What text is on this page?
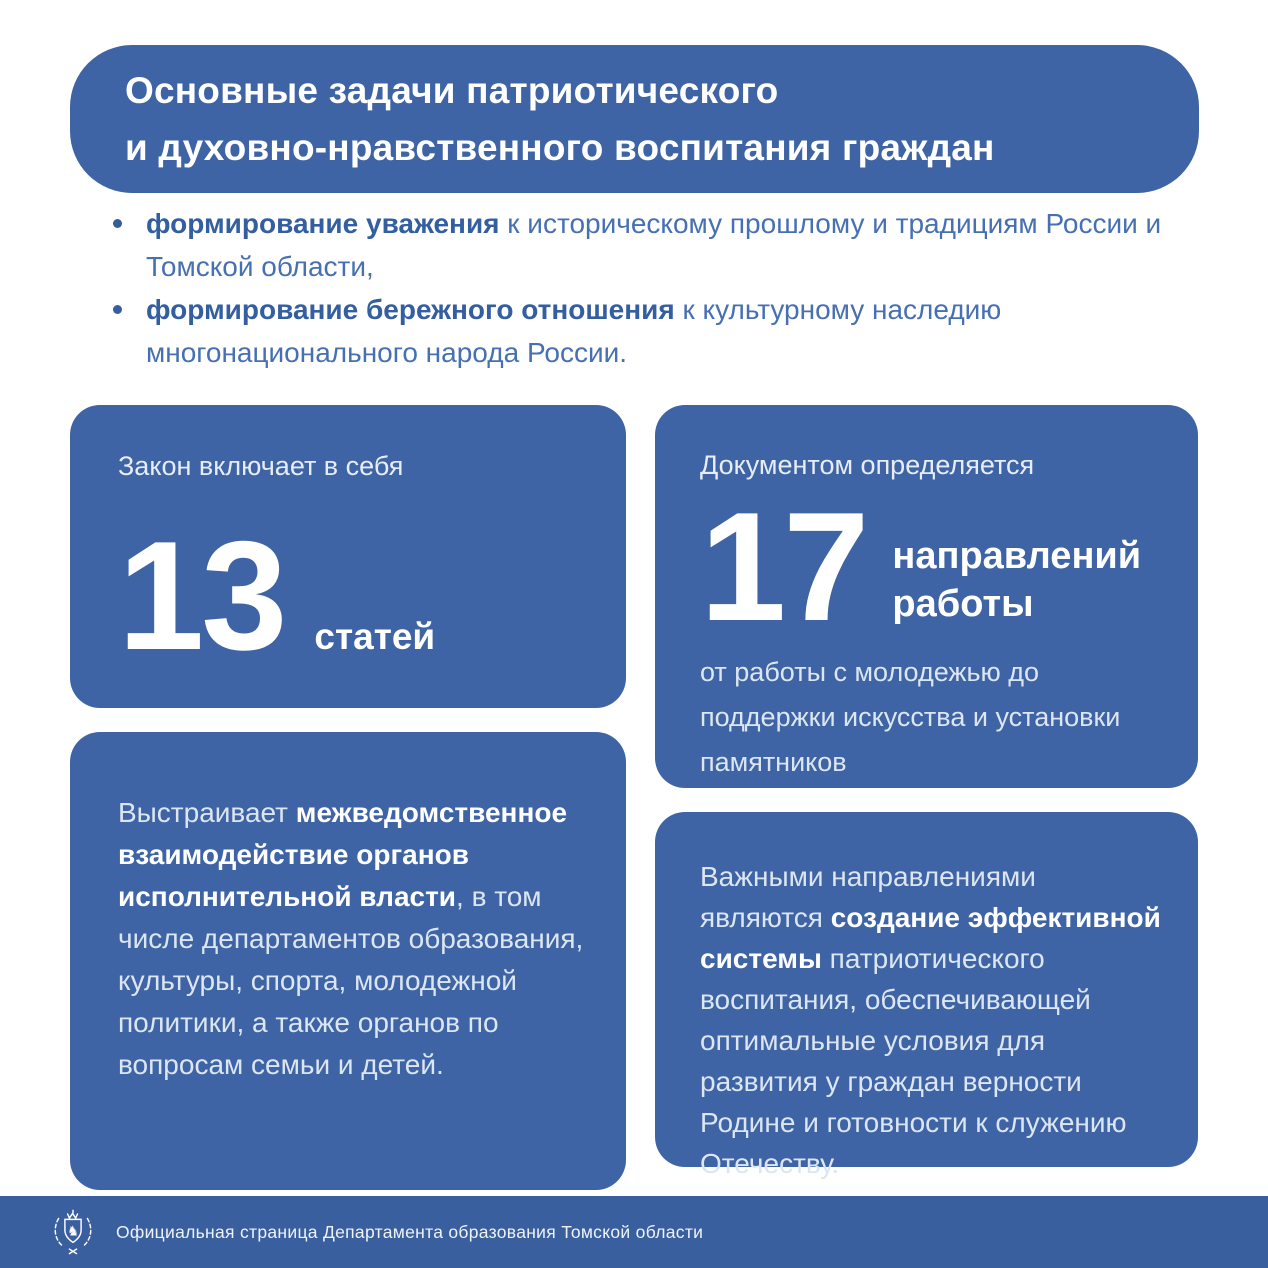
Основные задачи патриотического
и духовно-нравственного воспитания граждан
формирование уважения к историческому прошлому и традициям России и Томской области,
формирование бережного отношения к культурному наследию многонационального народа России.
Закон включает в себя
13 статей
Документом определяется
17 направлений
работы

от работы с молодежью до поддержки искусства и установки памятников

Выстраивает межведомственное взаимодействие органов исполнительной власти, в том числе департаментов образования, культуры, спорта, молодежной политики, а также органов по вопросам семьи и детей.

Важными направлениями являются создание эффективной системы патриотического воспитания, обеспечивающей оптимальные условия для развития у граждан верности Родине и готовности к служению Отечеству.

♞ Официальная страница Департамента образования Томской области
